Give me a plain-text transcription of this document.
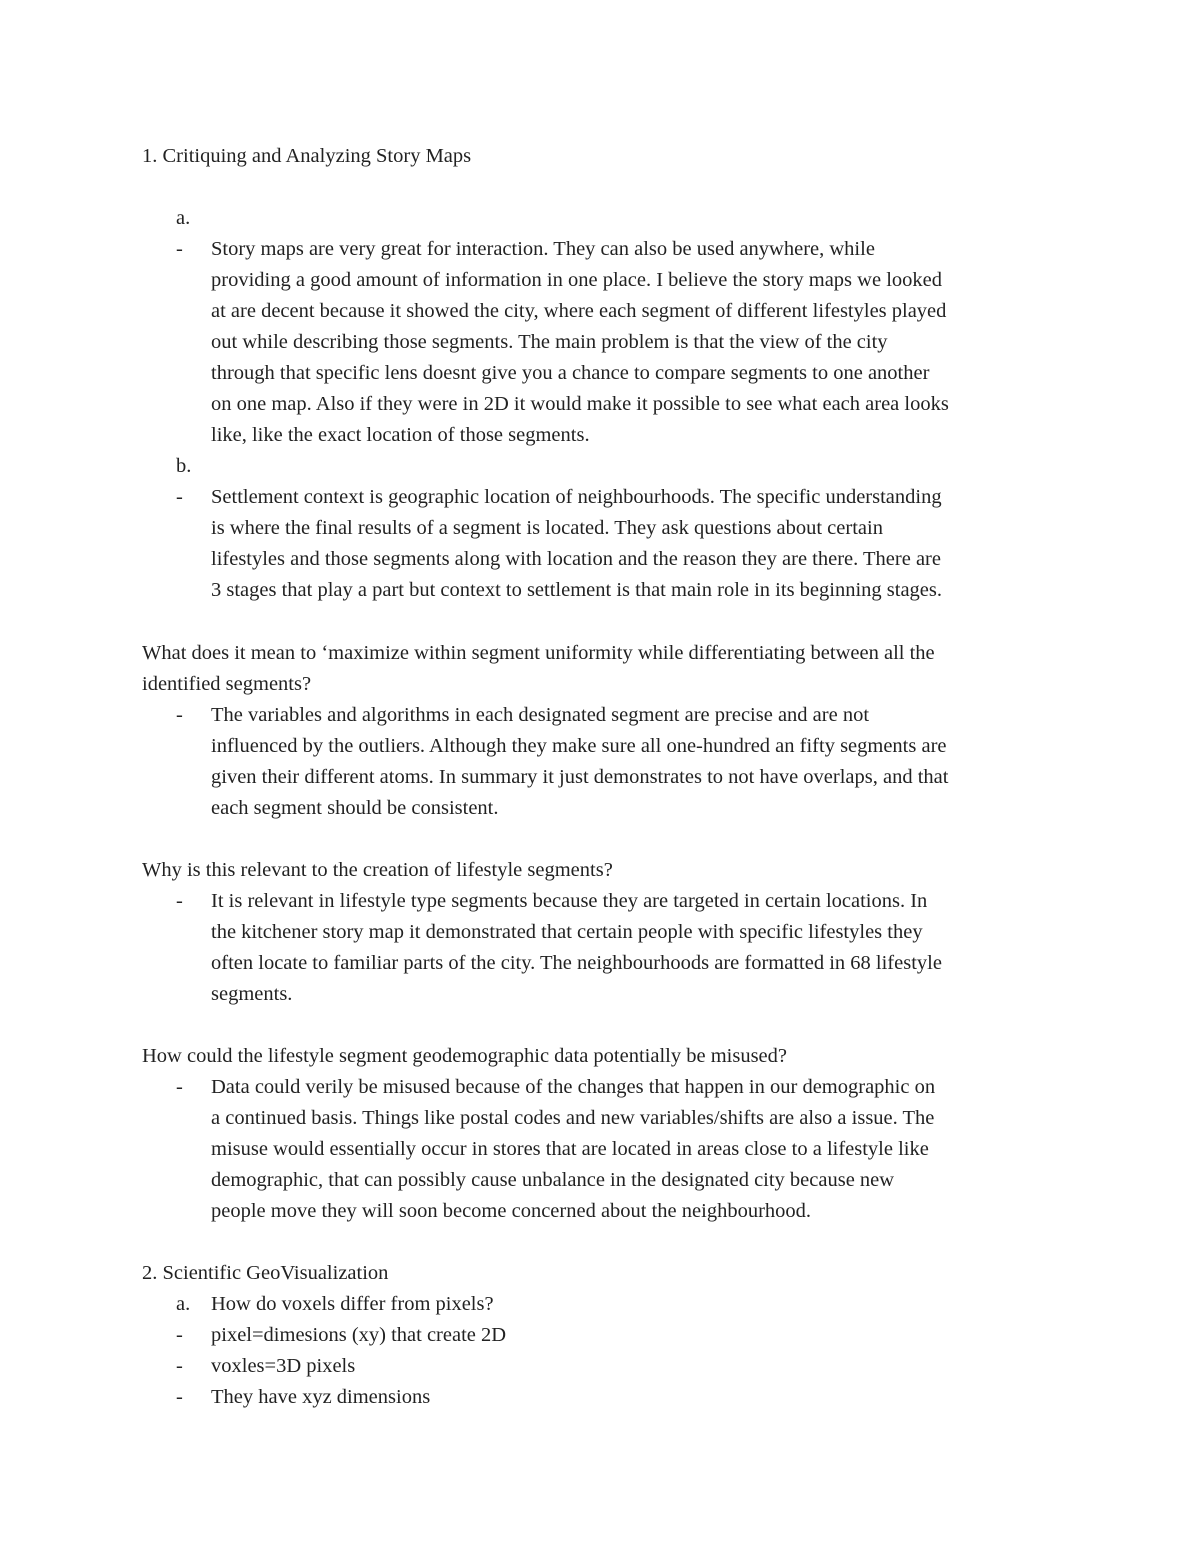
1. Critiquing and Analyzing Story Maps
a.
- Story maps are very great for interaction. They can also be used anywhere, while
providing a good amount of information in one place. I believe the story maps we looked
at are decent because it showed the city, where each segment of different lifestyles played
out while describing those segments. The main problem is that the view of the city
through that specific lens doesnt give you a chance to compare segments to one another
on one map. Also if they were in 2D it would make it possible to see what each area looks
like, like the exact location of those segments.
b.
- Settlement context is geographic location of neighbourhoods. The specific understanding
is where the final results of a segment is located. They ask questions about certain
lifestyles and those segments along with location and the reason they are there. There are
3 stages that play a part but context to settlement is that main role in its beginning stages.
What does it mean to ‘maximize within segment uniformity while differentiating between all the
identified segments?
- The variables and algorithms in each designated segment are precise and are not
influenced by the outliers. Although they make sure all one-hundred an fifty segments are
given their different atoms. In summary it just demonstrates to not have overlaps, and that
each segment should be consistent.
Why is this relevant to the creation of lifestyle segments?
- It is relevant in lifestyle type segments because they are targeted in certain locations. In
the kitchener story map it demonstrated that certain people with specific lifestyles they
often locate to familiar parts of the city. The neighbourhoods are formatted in 68 lifestyle
segments.
How could the lifestyle segment geodemographic data potentially be misused?
- Data could verily be misused because of the changes that happen in our demographic on
a continued basis. Things like postal codes and new variables/shifts are also a issue. The
misuse would essentially occur in stores that are located in areas close to a lifestyle like
demographic, that can possibly cause unbalance in the designated city because new
people move they will soon become concerned about the neighbourhood.
2. Scientific GeoVisualization
a. How do voxels differ from pixels?
- pixel=dimesions (xy) that create 2D
- voxles=3D pixels
- They have xyz dimensions
